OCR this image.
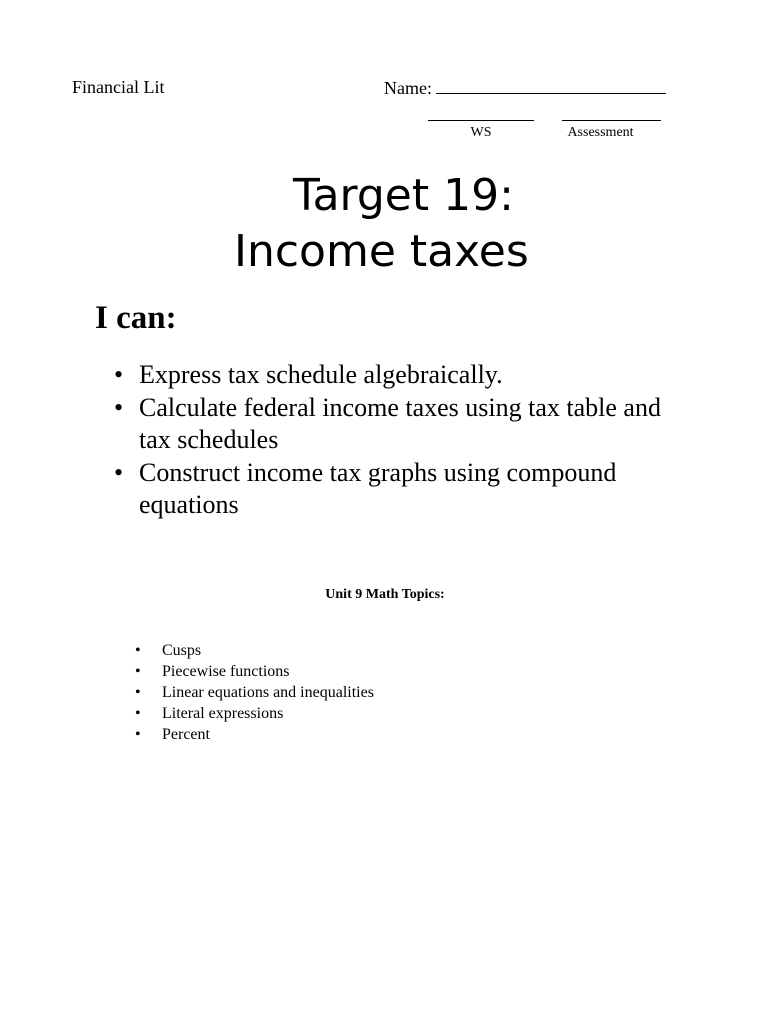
Financial Lit	Name:
WS	Assessment
Target 19:
Income taxes
I can:
• Express tax schedule algebraically.
• Calculate federal income taxes using tax table and tax schedules
• Construct income tax graphs using compound equations
Unit 9 Math Topics:
• Cusps
• Piecewise functions
• Linear equations and inequalities
• Literal expressions
• Percent
